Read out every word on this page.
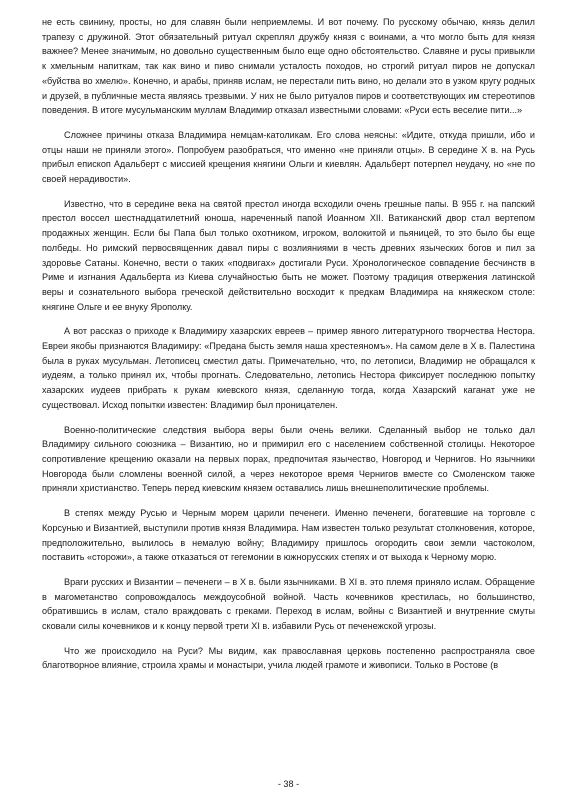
не есть свинину, просты, но для славян были неприемлемы. И вот почему. По русскому обычаю, князь делил трапезу с дружиной. Этот обязательный ритуал скреплял дружбу князя с воинами, а что могло быть для князя важнее? Менее значимым, но довольно существенным было еще одно обстоятельство. Славяне и русы привыкли к хмельным напиткам, так как вино и пиво снимали усталость походов, но строгий ритуал пиров не допускал «буйства во хмелю». Конечно, и арабы, приняв ислам, не перестали пить вино, но делали это в узком кругу родных и друзей, в публичные места являясь трезвыми. У них не было ритуалов пиров и соответствующих им стереотипов поведения. В итоге мусульманским муллам Владимир отказал известными словами: «Руси есть веселие пити...»

Сложнее причины отказа Владимира немцам-католикам. Его слова неясны: «Идите, откуда пришли, ибо и отцы наши не приняли этого». Попробуем разобраться, что именно «не приняли отцы». В середине X в. на Русь прибыл епископ Адальберт с миссией крещения княгини Ольги и киевлян. Адальберт потерпел неудачу, но «не по своей нерадивости».

Известно, что в середине века на святой престол иногда всходили очень грешные папы. В 955 г. на папский престол воссел шестнадцатилетний юноша, нареченный папой Иоанном XII. Ватиканский двор стал вертепом продажных женщин. Если бы Папа был только охотником, игроком, волокитой и пьяницей, то это было бы еще полбеды. Но римский первосвященник давал пиры с возлияниями в честь древних языческих богов и пил за здоровье Сатаны. Конечно, вести о таких «подвигах» достигали Руси. Хронологическое совпадение бесчинств в Риме и изгнания Адальберта из Киева случайностью быть не может. Поэтому традиция отвержения латинской веры и сознательного выбора греческой действительно восходит к предкам Владимира на княжеском столе: княгине Ольге и ее внуку Ярополку.

А вот рассказ о приходе к Владимиру хазарских евреев – пример явного литературного творчества Нестора. Евреи якобы признаются Владимиру: «Предана бысть земля наша хрестеяномъ». На самом деле в X в. Палестина была в руках мусульман. Летописец сместил даты. Примечательно, что, по летописи, Владимир не обращался к иудеям, а только принял их, чтобы прогнать. Следовательно, летопись Нестора фиксирует последнюю попытку хазарских иудеев прибрать к рукам киевского князя, сделанную тогда, когда Хазарский каганат уже не существовал. Исход попытки известен: Владимир был проницателен.

Военно-политические следствия выбора веры были очень велики. Сделанный выбор не только дал Владимиру сильного союзника – Византию, но и примирил его с населением собственной столицы. Некоторое сопротивление крещению оказали на первых порах, предпочитая язычество, Новгород и Чернигов. Но язычники Новгорода были сломлены военной силой, а через некоторое время Чернигов вместе со Смоленском также приняли христианство. Теперь перед киевским князем оставались лишь внешнеполитические проблемы.

В степях между Русью и Черным морем царили печенеги. Именно печенеги, богатевшие на торговле с Корсунью и Византией, выступили против князя Владимира. Нам известен только результат столкновения, которое, предположительно, вылилось в немалую войну; Владимиру пришлось огородить свои земли частоколом, поставить «сторожи», а также отказаться от гегемонии в южнорусских степях и от выхода к Черному морю.

Враги русских и Византии – печенеги – в X в. были язычниками. В XI в. это племя приняло ислам. Обращение в магометанство сопровождалось междоусобной войной. Часть кочевников крестилась, но большинство, обратившись в ислам, стало враждовать с греками. Переход в ислам, войны с Византией и внутренние смуты сковали силы кочевников и к концу первой трети XI в. избавили Русь от печенежской угрозы.

Что же происходило на Руси? Мы видим, как православная церковь постепенно распространяла свое благотворное влияние, строила храмы и монастыри, учила людей грамоте и живописи. Только в Ростове (в

- 38 -
